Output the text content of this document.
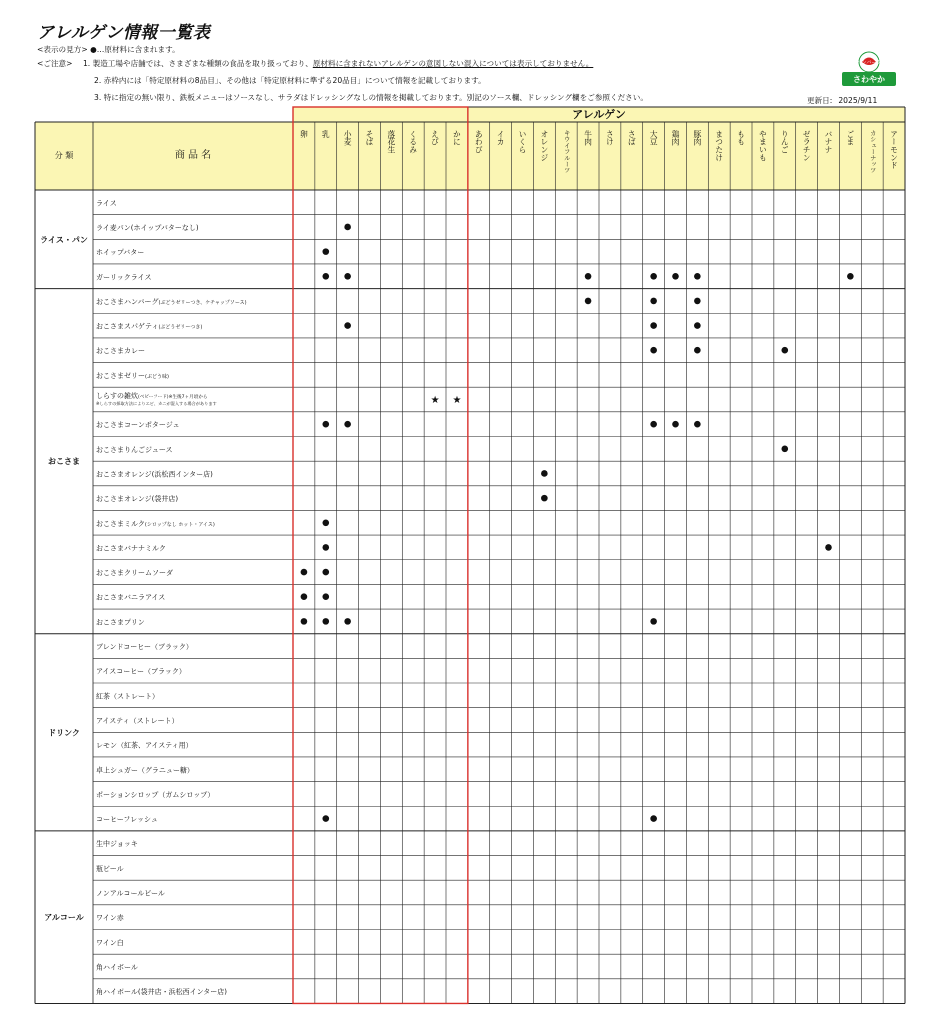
アレルゲン情報一覧表
<表示の見方> ●…原材料に含まれます。
<ご注意> 1. 製造工場や店舗では、さまざまな種類の食品を取り扱っており、原材料に含まれないアレルゲンの意図しない混入については表示しておりません。
2. 赤枠内には「特定原材料の8品目」、その他は「特定原材料に準ずる20品目」について情報を記載しております。
3. 特に指定の無い限り、鉄板メニューはソースなし、サラダはドレッシングなしの情報を掲載しております。別記のソース欄、ドレッシング欄をご参照ください。
ハンバーグ
さわやか
更新日: 2025/9/11
アレルゲン
分 類	商 品 名
卵 乳 小麦 そば 落花生 くるみ えび かに あわび イカ いくら オレンジ キウイフルーツ 牛肉 さけ さば 大豆 鶏肉 豚肉 まつたけ もも やまいも りんご ゼラチン バナナ ごま カシューナッツ アーモンド
ライス・パン
ライス
ライ麦パン(ホイップバターなし)
ホイップバター
ガーリックライス
おこさま
おこさまハンバーグ(ぶどうゼリーつき、ケチャップソース)
おこさまスパゲティ(ぶどうゼリーつき)
おこさまカレー
おこさまゼリー(ぶどう味)
しらすの雑炊(ベビーフード)※生後7ヶ月頃から
※しらすの採取方法によりエビ、カニが混入する場合があります	★ ★
おこさまコーンポタージュ
おこさまりんごジュース
おこさまオレンジ(浜松西インター店)
おこさまオレンジ(袋井店)
おこさまミルク(シロップなし ホット・アイス)
おこさまバナナミルク
おこさまクリームソーダ
おこさまバニラアイス
おこさまプリン
ドリンク
ブレンドコーヒー（ブラック）
アイスコーヒー（ブラック）
紅茶（ストレート）
アイスティ（ストレート）
レモン（紅茶、アイスティ用）
卓上シュガー（グラニュー糖）
ポーションシロップ（ガムシロップ）
コーヒーフレッシュ
アルコール
生中ジョッキ
瓶ビール
ノンアルコールビール
ワイン赤
ワイン白
角ハイボール
角ハイボール(袋井店・浜松西インター店)
